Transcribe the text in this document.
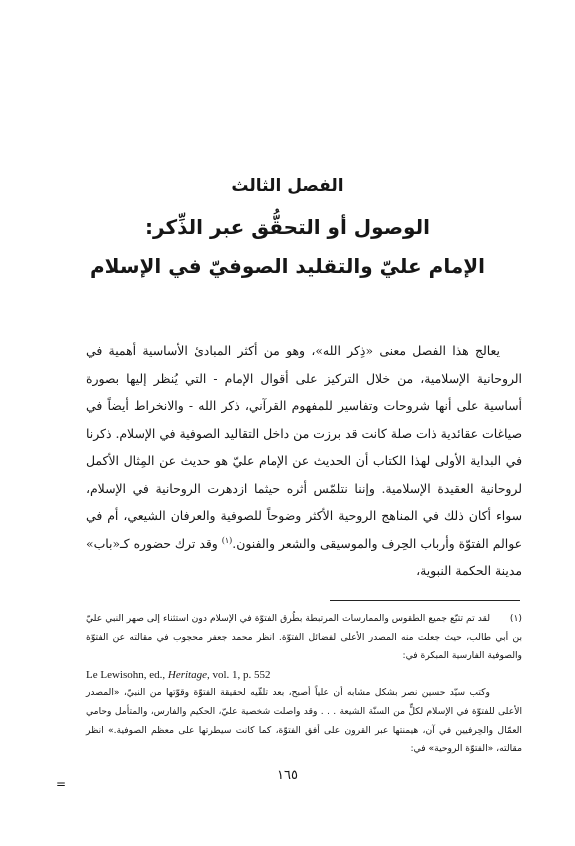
الفصل الثالث
الوصول أو التحقُّق عبر الذِّكر:
الإمام عليّ والتقليد الصوفيّ في الإسلام

يعالج هذا الفصل معنى «ذِكر الله»، وهو من أكثر المبادئ الأساسية أهمية في الروحانية الإسلامية، من خلال التركيز على أقوال الإمام - التي يُنظر إليها بصورة أساسية على أنها شروحات وتفاسير للمفهوم القرآني، ذكر الله - والانخراط أيضاً في صياغات عقائدية ذات صلة كانت قد برزت من داخل التقاليد الصوفية في الإسلام. ذكرنا في البداية الأولى لهذا الكتاب أن الحديث عن الإمام عليّ هو حديث عن المِثال الأكمل لروحانية العقيدة الإسلامية. وإننا نتلمّس أثره حيثما ازدهرت الروحانية في الإسلام، سواء أكان ذلك في المناهج الروحية الأكثر وضوحاً للصوفية والعرفان الشيعي، أم في عوالم الفتوّة وأرباب الحِرف والموسيقى والشعر والفنون.$^{(١)}$ وقد ترك حضوره كـ«باب» مدينة الحكمة النبوية،

(١)لقد تم تتبّع جميع الطقوس والممارسات المرتبطة بطُرق الفتوّة في الإسلام دون استثناء إلى صهر النبي عليّ بن أبي طالب، حيث جعلت منه المصدر الأعلى لفضائل الفتوّة. انظر محمد جعفر محجوب في مقالته عن الفتوّة والصوفية الفارسية المبكرة في:

Le Lewisohn, ed., Heritage, vol. 1, p. 552

وكتب سيّد حسين نصر بشكل مشابه أن علياً أصبح، بعد تلقّيه لحقيقة الفتوّة وقوّتها من النبيّ، «المصدر الأعلى للفتوّة في الإسلام لكلٍّ من السنّة الشيعة . . . وقد واصلت شخصية عليّ، الحكيم والفارس، والمتأمل وحامي العمّال والحِرفيين في آن، هيمنتها عبر القرون على أفق الفتوّة، كما كانت سيطرتها على معظم الصوفية.» انظر مقالته، «الفتوّة الروحية» في:

=
١٦٥
